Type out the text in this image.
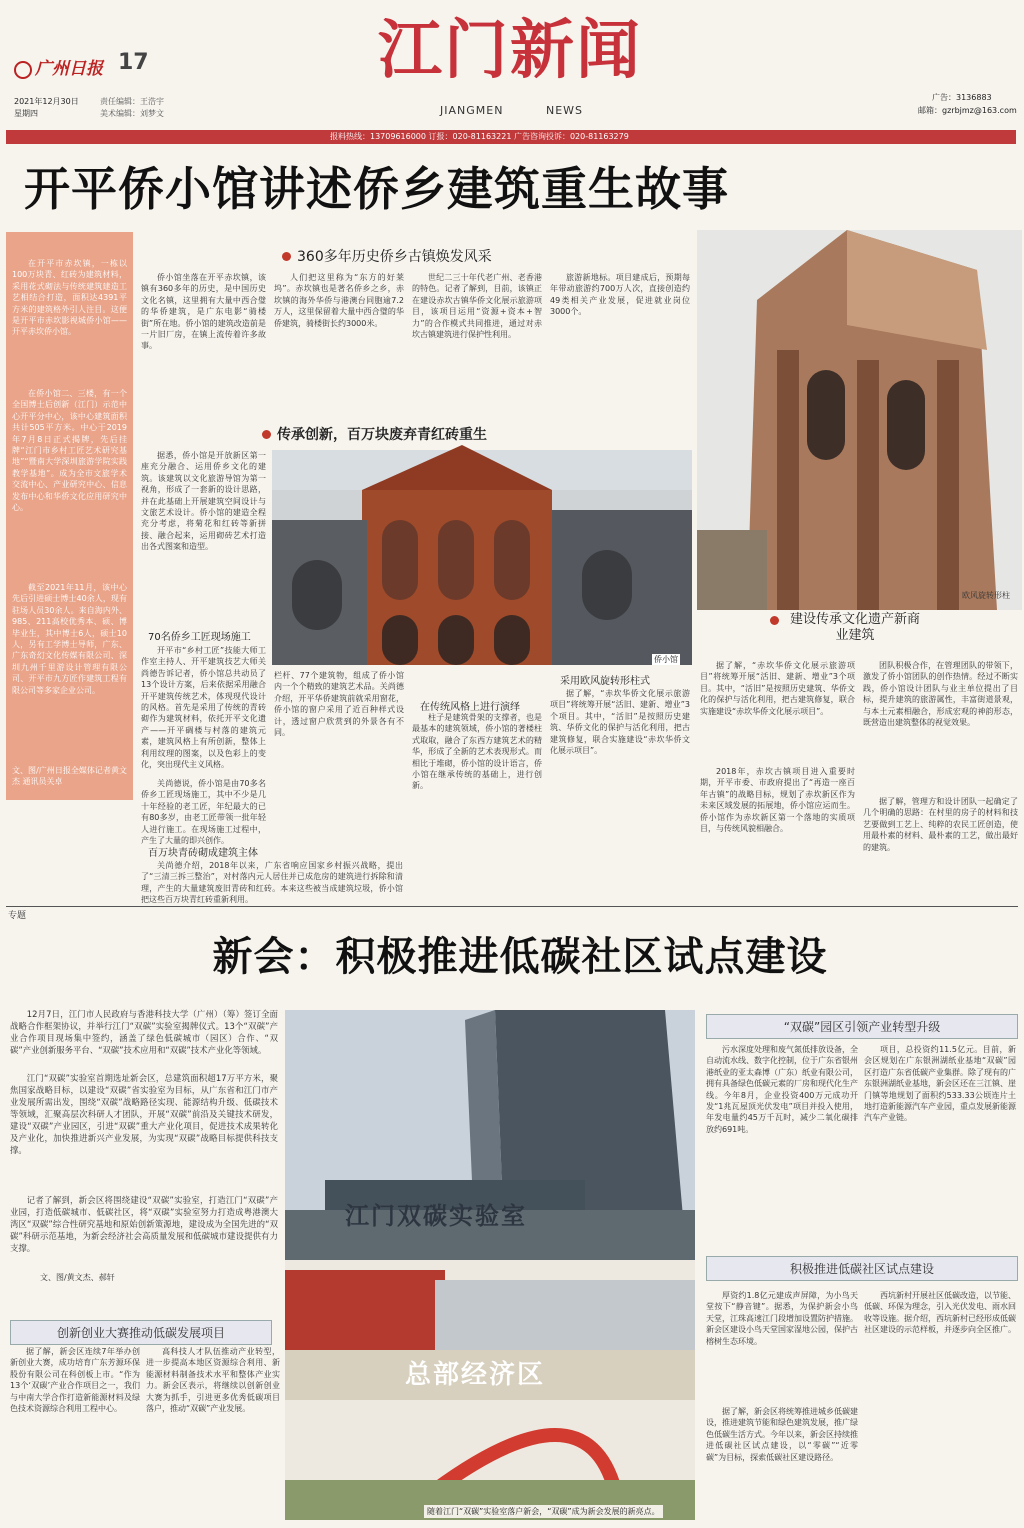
广州日报 17	江门新闻
JIANGMEN	NEWS
2021年12月30日
星期四
责任编辑：王浩宇
美术编辑：刘梦文
广告：3136883
邮箱：gzrbjmz@163.com
报料热线：13709616000 订报：020-81163221 广告咨询投诉：020-81163279
开平侨小馆讲述侨乡建筑重生故事
在开平市赤坎镇，一栋以100万块青、红砖为建筑材料，采用花式砌法与传统建筑建造工艺相结合打造，面积达4391平方米的建筑格外引人注目。这便是开平市赤坎影视城侨小馆——开平赤坎侨小馆。
在侨小馆二、三楼，有一个全国博士后创新（江门）示范中心开平分中心，该中心建筑面积共计505平方米。中心于2019年7月8日正式揭牌，先后挂牌“江门市乡村工匠艺术研究基地”“暨南大学深圳旅游学院实践教学基地”。成为全市文旅学术交流中心、产业研究中心、信息发布中心和华侨文化应用研究中心。
截至2021年11月，该中心先后引进硕士博士40余人，现有驻场人员30余人。来自海内外、985、211高校优秀本、硕、博毕业生，其中博士6人，硕士10人，另有工学博士导师，广东、广东奇幻文化传媒有限公司、深圳九州千里游设计管理有限公司、开平市九方匠作建筑工程有限公司等多家企业公司。
文、图/广州日报全媒体记者黄文杰 通讯员关卓
360多年历史侨乡古镇焕发风采
侨小馆坐落在开平赤坎镇，该镇有360多年的历史，是中国历史文化名镇，这里拥有大量中西合璧的华侨建筑，是广东电影“骑楼街”所在地。侨小馆的建筑改造前是一片旧厂房，在镇上流传着许多故事。
人们把这里称为“东方的好莱坞”。赤坎镇也是著名侨乡之乡，赤坎镇的海外华侨与港澳台同胞逾7.2万人，这里保留着大量中西合璧的华侨建筑，骑楼街长约3000米。
世纪二三十年代老广州、老香港的特色。记者了解到，目前，该镇正在建设赤坎古镇华侨文化展示旅游项目，该项目运用“资源+资本+智力”的合作模式共同推进，通过对赤坎古镇建筑进行保护性利用。
旅游新地标。项目建成后，预期每年带动旅游约700万人次，直接创造约49类相关产业发展，促进就业岗位3000个。
传承创新，百万块废弃青红砖重生
据悉，侨小馆是开放新区第一座充分融合、运用侨乡文化的建筑。该建筑以文化旅游导馆为第一视角，形成了一套新的设计思路，并在此基础上开展建筑空间设计与文旅艺术设计。侨小馆的建造全程充分考虑，将菊花和红砖等新拼接、融合起来，运用砌砖艺术打造出各式图案和造型。
侨小馆
欧风旋转形柱
建设传承文化遗产新商业建筑
70名侨乡工匠现场施工
开平市“乡村工匠”技能大师工作室主持人、开平建筑技艺大师关尚德告诉记者，侨小馆总共动员了13个设计方案，后来依据采用融合开平建筑传统艺术，体现现代设计的风格。首先是采用了传统的青砖砌作为建筑材料，依托开平文化遗产——开平碉楼与村落的建筑元素，建筑风格上有所创新，整体上利用纹理的图案，以及色彩上的变化，突出现代主义风格。
关尚德说，侨小馆是由70多名侨乡工匠现场施工，其中不少是几十年经验的老工匠，年纪最大的已有80多岁，由老工匠带领一批年轻人进行施工。在现场施工过程中，产生了大量的即兴创作。
百万块青砖砌成建筑主体
关尚德介绍，2018年以来，广东省响应国家乡村振兴战略，提出了“三清三拆三整治”，对村落内元人居住并已成危房的建筑进行拆除和清理，产生的大量建筑废旧青砖和红砖。本来这些被当成建筑垃圾，侨小馆把这些百万块青红砖重新利用。
栏杆、77个建筑物，组成了侨小馆内一个个精致的建筑艺术品。关尚德介绍，开平华侨建筑前就采用窗花，侨小馆的窗户采用了近百种样式设计，透过窗户欣赏到的外景各有不同。
在传统风格上进行演绎
柱子是建筑骨架的支撑者，也是最基本的建筑领域，侨小馆的著楼柱式取取，融合了东西方建筑艺术的精华，形成了全新的艺术表现形式。而相比于堆砌，侨小馆的设计语言，侨小馆在继承传统的基础上，进行创新。
采用欧风旋转形柱式
据了解，“赤坎华侨文化展示旅游项目”将统筹开展“活旧、建新、增业”3个项目。其中，“活旧”是按照历史建筑、华侨文化的保护与活化利用，把古建筑修复，联合实施建设“赤坎华侨文化展示项目”。
据了解，“赤坎华侨文化展示旅游项目”将统筹开展“活旧、建新、增业”3个项目。其中，“活旧”是按照历史建筑、华侨文化的保护与活化利用，把古建筑修复，联合实施建设“赤坎华侨文化展示项目”。
2018年，赤坎古镇项目进入重要时期，开平市委、市政府提出了“再造一座百年古镇”的战略目标，规划了赤坎新区作为未来区域发展的拓展地，侨小馆应运而生。侨小馆作为赤坎新区第一个落地的实质项目，与传统风貌相融合。
团队积极合作，在管理团队的带领下，激发了侨小馆团队的创作热情。经过不断实践，侨小馆设计团队与业主单位提出了目标，提升建筑的旅游属性，丰富街道景观，与本土元素相融合，形成宏观的神韵形态，既营造出建筑整体的视觉效果。
据了解，管理方和设计团队一起确定了几个明确的思路：在村里的房子的材料和技艺要做到工艺上、纯粹的农民工匠创造，使用最朴素的材料、最朴素的工艺，做出最好的建筑。
专题
新会：积极推进低碳社区试点建设
12月7日，江门市人民政府与香港科技大学（广州）（筹）签订全面战略合作框架协议，并举行江门“双碳”实验室揭牌仪式。13个“双碳”产业合作项目现场集中签约，涵盖了绿色低碳城市（园区）合作、“双碳”产业创新服务平台、“双碳”技术应用和“双碳”技术产业化等领域。
江门“双碳”实验室首期选址新会区，总建筑面积超17万平方米，聚焦国家战略目标，以建设“双碳”省实验室为目标，从广东省和江门市产业发展所需出发，围绕“双碳”战略路径实现、能源结构升级、低碳技术等领域，汇聚高层次科研人才团队，开展“双碳”前沿及关键技术研发，建设“双碳”产业园区，引进“双碳”重大产业化项目，促进技术成果转化及产业化，加快推进新兴产业发展，为实现“双碳”战略目标提供科技支撑。
记者了解到，新会区将围绕建设“双碳”实验室，打造江门“双碳”产业园，打造低碳城市、低碳社区，将“双碳”实验室努力打造成粤港澳大湾区“双碳”综合性研究基地和原始创新策源地，建设成为全国先进的“双碳”科研示范基地，为新会经济社会高质量发展和低碳城市建设提供有力支撑。
文、图/黄文杰、郝轩
创新创业大赛推动低碳发展项目
据了解，新会区连续7年举办创新创业大赛，成功培育广东芳源环保股份有限公司在科创板上市。“作为13个‘双碳’产业合作项目之一，我们与中南大学合作打造新能源材料及绿色技术资源综合利用工程中心。
高科技人才队伍推动产业转型，进一步提高本地区资源综合利用、新能源材料制备技术水平和整体产业实力。新会区表示，将继续以创新创业大赛为抓手，引进更多优秀低碳项目落户，推动“双碳”产业发展。
江门双碳实验室
总部经济区
随着江门“双碳”实验室落户新会，“双碳”成为新会发展的新亮点。
“双碳”园区引领产业转型升级
污水深度处理和废气氮低排放设备，全自动流水线、数字化控制，位于广东省银州港纸业的亚太森博（广东）纸业有限公司，拥有具备绿色低碳元素的厂房和现代化生产线。今年8月，企业投资400万元成功开发“1兆瓦屋顶光伏发电”项目并投入使用，年发电量约45万千瓦时，减少二氧化碳排放约691吨。
项目，总投资约11.5亿元。目前，新会区规划在广东银洲湖纸业基地“双碳”园区打造广东省低碳产业集群。除了现有的广东银洲湖纸业基地，新会区还在三江镇、崖门镇等地规划了面积约533.33公顷连片土地打造新能源汽车产业园，重点发展新能源汽车产业链。
积极推进低碳社区试点建设
厚资约1.8亿元建成声屏障，为小鸟天堂按下“静音键”。据悉，为保护新会小鸟天堂，江珠高速江门段增加设置防护措施。新会区建设小鸟天堂国家湿地公园，保护古榕树生态环境。
据了解，新会区将统筹推进城乡低碳建设，推进建筑节能和绿色建筑发展，推广绿色低碳生活方式。今年以来，新会区持续推进低碳社区试点建设，以“零碳”“近零碳”为目标，探索低碳社区建设路径。
西坑新村开展社区低碳改造，以节能、低碳、环保为理念，引入光伏发电、雨水回收等设施。据介绍，西坑新村已经形成低碳社区建设的示范样板，并逐步向全区推广。
